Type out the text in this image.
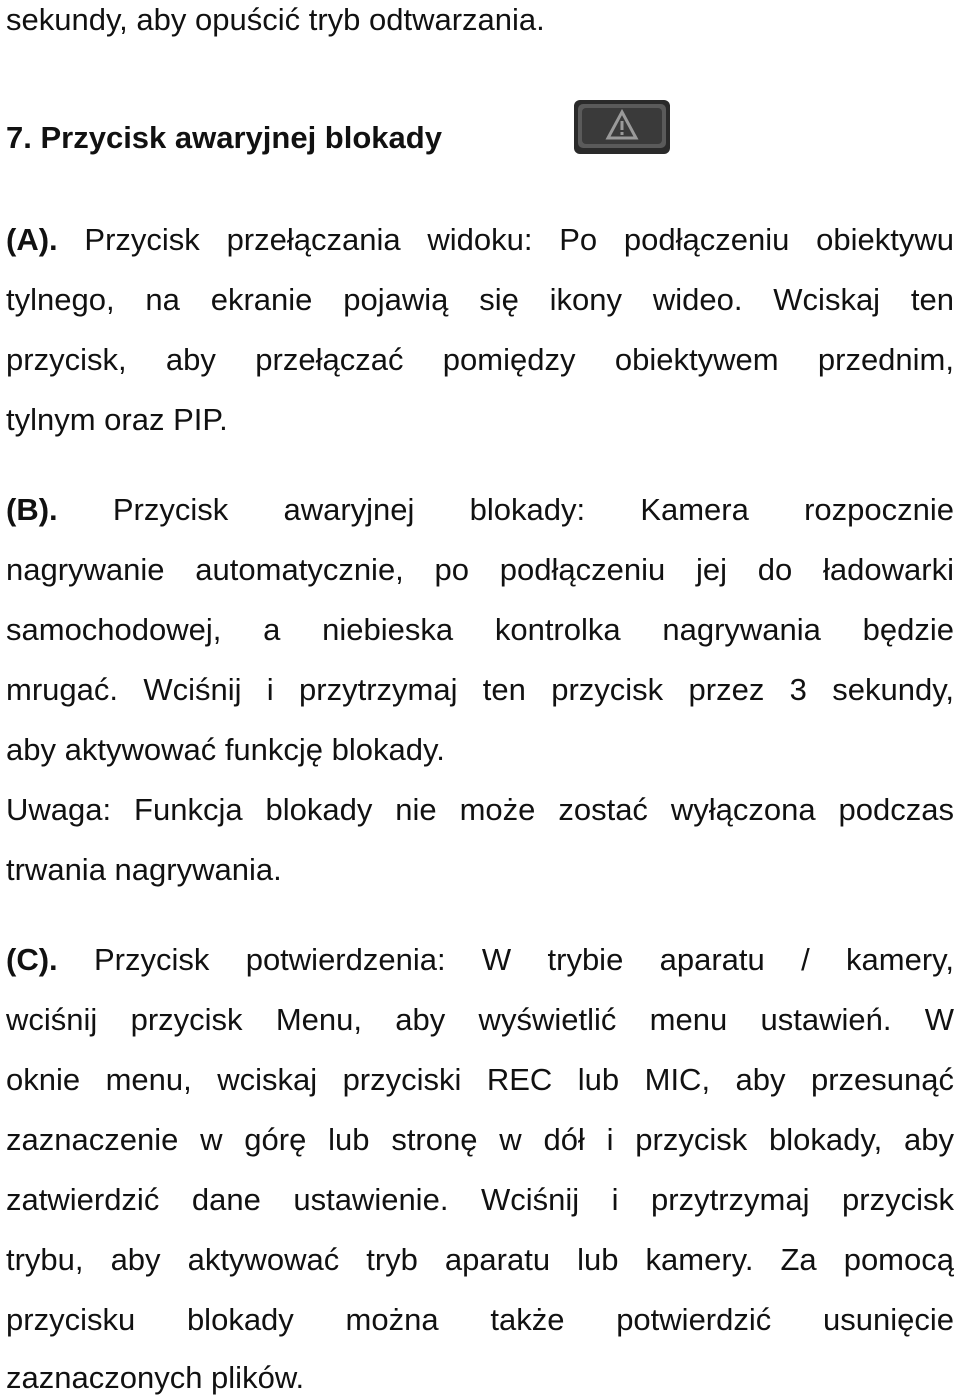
sekundy, aby opuścić tryb odtwarzania.
7. Przycisk awaryjnej blokady
(A). Przycisk przełączania widoku: Po podłączeniu obiektywu
tylnego, na ekranie pojawią się ikony wideo. Wciskaj ten
przycisk, aby przełączać pomiędzy obiektywem przednim,
tylnym oraz PIP.
(B). Przycisk awaryjnej blokady: Kamera rozpocznie
nagrywanie automatycznie, po podłączeniu jej do ładowarki
samochodowej, a niebieska kontrolka nagrywania będzie
mrugać. Wciśnij i przytrzymaj ten przycisk przez 3 sekundy,
aby aktywować funkcję blokady.
Uwaga: Funkcja blokady nie może zostać wyłączona podczas
trwania nagrywania.
(C). Przycisk potwierdzenia: W trybie aparatu / kamery,
wciśnij przycisk Menu, aby wyświetlić menu ustawień. W
oknie menu, wciskaj przyciski REC lub MIC, aby przesunąć
zaznaczenie w górę lub stronę w dół i przycisk blokady, aby
zatwierdzić dane ustawienie. Wciśnij i przytrzymaj przycisk
trybu, aby aktywować tryb aparatu lub kamery. Za pomocą
przycisku blokady można także potwierdzić usunięcie
zaznaczonych plików.
